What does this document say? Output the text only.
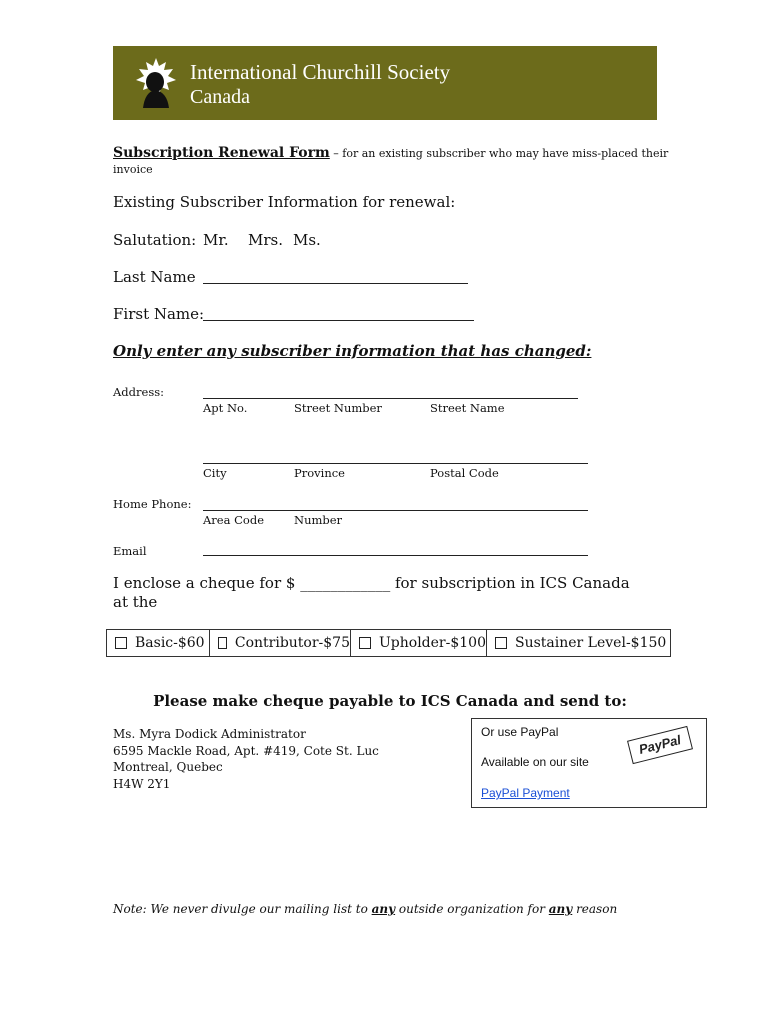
International Churchill Society
Canada
Subscription Renewal Form – for an existing subscriber who may have miss-placed their invoice
Existing Subscriber Information for renewal:
Salutation: Mr. Mrs. Ms.
Last Name
First Name:
Only enter any subscriber information that has changed:
Address:
Apt No.	Street Number	Street Name
City	Province	Postal Code
Home Phone:
Area Code	Number
Email
I enclose a cheque for $ ____________ for subscription in ICS Canada
at the
Basic-$60 Contributor-$75 Upholder-$100 Sustainer Level-$150
Please make cheque payable to ICS Canada and send to:
Ms. Myra Dodick Administrator
6595 Mackle Road, Apt. #419, Cote St. Luc
Montreal, Quebec
H4W 2Y1
Or use PayPal
Available on our site
PayPal Payment
PayPal
Note: We never divulge our mailing list to any outside organization for any reason
